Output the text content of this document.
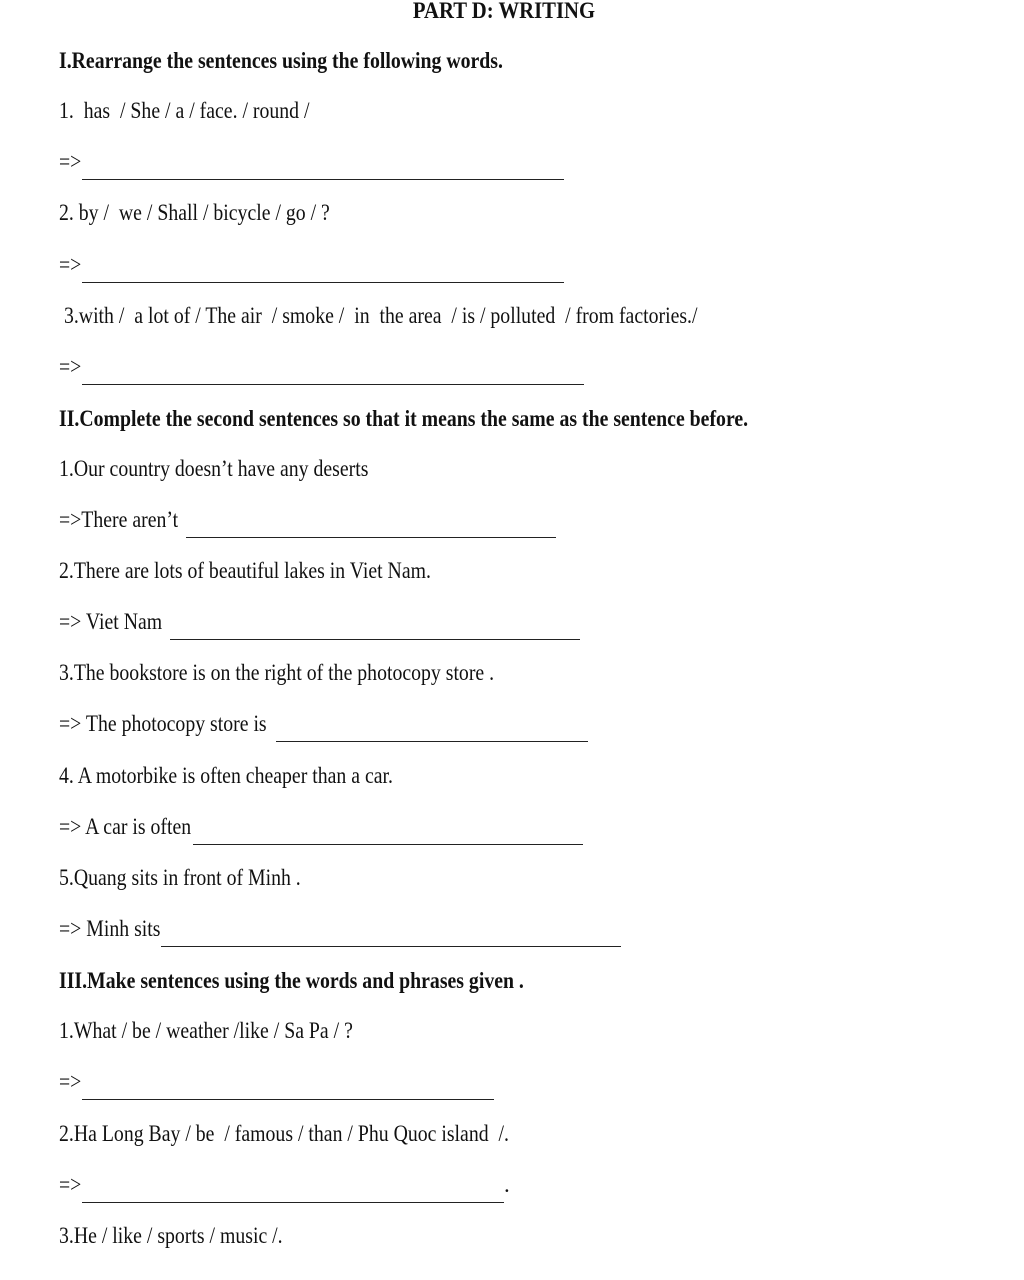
PART D: WRITING
I.Rearrange the sentences using the following words.
1.  has  / She / a / face. / round /
=>
2. by /  we / Shall / bicycle / go / ?
=>
3.with /  a lot of / The air  / smoke /  in  the area  / is / polluted  / from factories./
=>
II.Complete the second sentences so that it means the same as the sentence before.
1.Our country doesn’t have any deserts
=>There aren’t
2.There are lots of beautiful lakes in Viet Nam.
=> Viet Nam
3.The bookstore is on the right of the photocopy store .
=> The photocopy store is
4. A motorbike is often cheaper than a car.
=> A car is often
5.Quang sits in front of Minh .
=> Minh sits
III.Make sentences using the words and phrases given .
1.What / be / weather /like / Sa Pa / ?
=>
2.Ha Long Bay / be  / famous / than / Phu Quoc island  /.
=>	.
3.He / like / sports / music /.
